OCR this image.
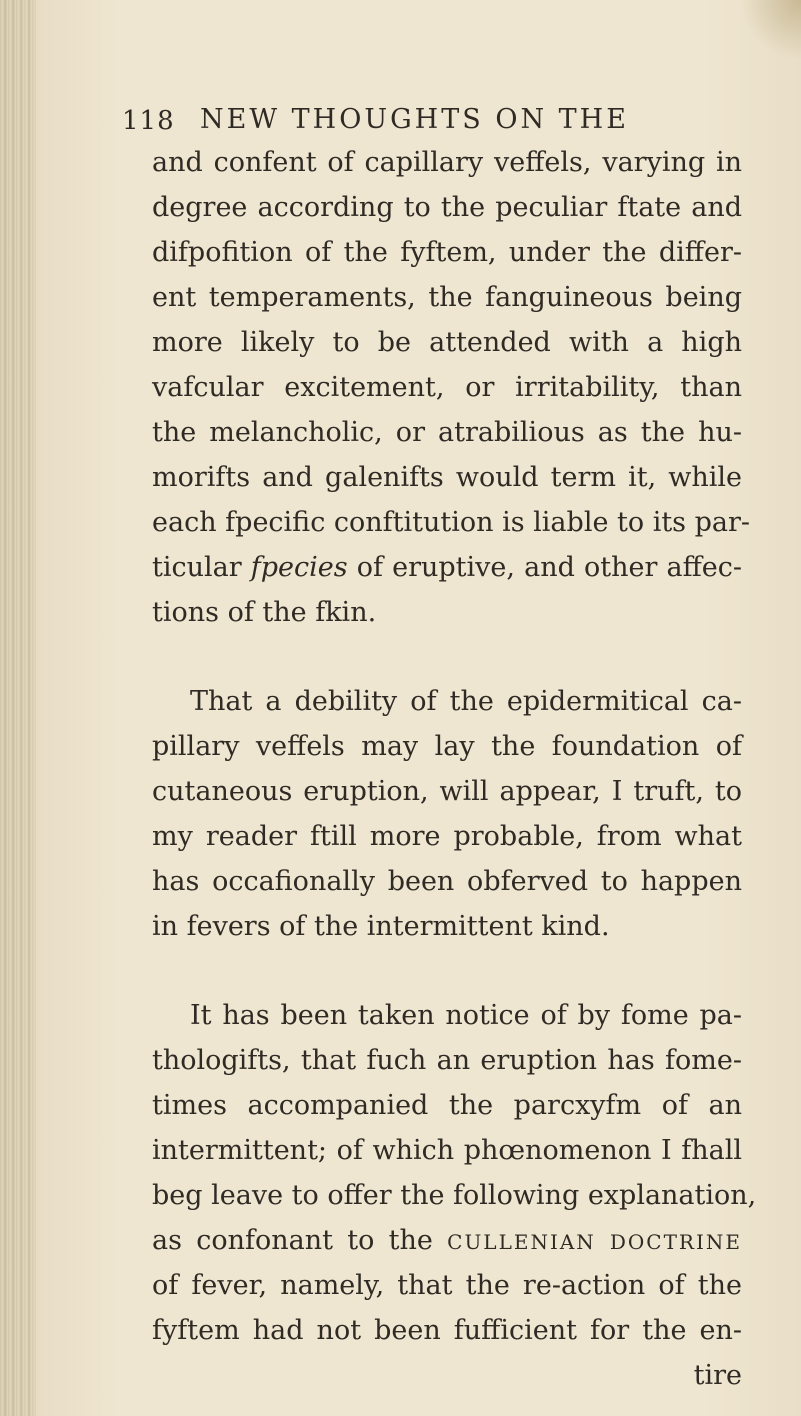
118 NEW THOUGHTS ON THE
and confent of capillary veffels, varying in
degree according to the peculiar ftate and
difpofition of the fyftem, under the differ-
ent temperaments, the fanguineous being
more likely to be attended with a high
vafcular excitement, or irritability, than
the melancholic, or atrabilious as the hu-
morifts and galenifts would term it, while
each fpecific conftitution is liable to its par-
ticular fpecies of eruptive, and other affec-
tions of the fkin.
That a debility of the epidermitical ca-
pillary veffels may lay the foundation of
cutaneous eruption, will appear, I truft, to
my reader ftill more probable, from what
has occafionally been obferved to happen
in fevers of the intermittent kind.
It has been taken notice of by fome pa-
thologifts, that fuch an eruption has fome-
times accompanied the parcxyfm of an
intermittent; of which phœnomenon I fhall
beg leave to offer the following explanation,
as confonant to the CULLENIAN DOCTRINE
of fever, namely, that the re-action of the
fyftem had not been fufficient for the en-
tire
